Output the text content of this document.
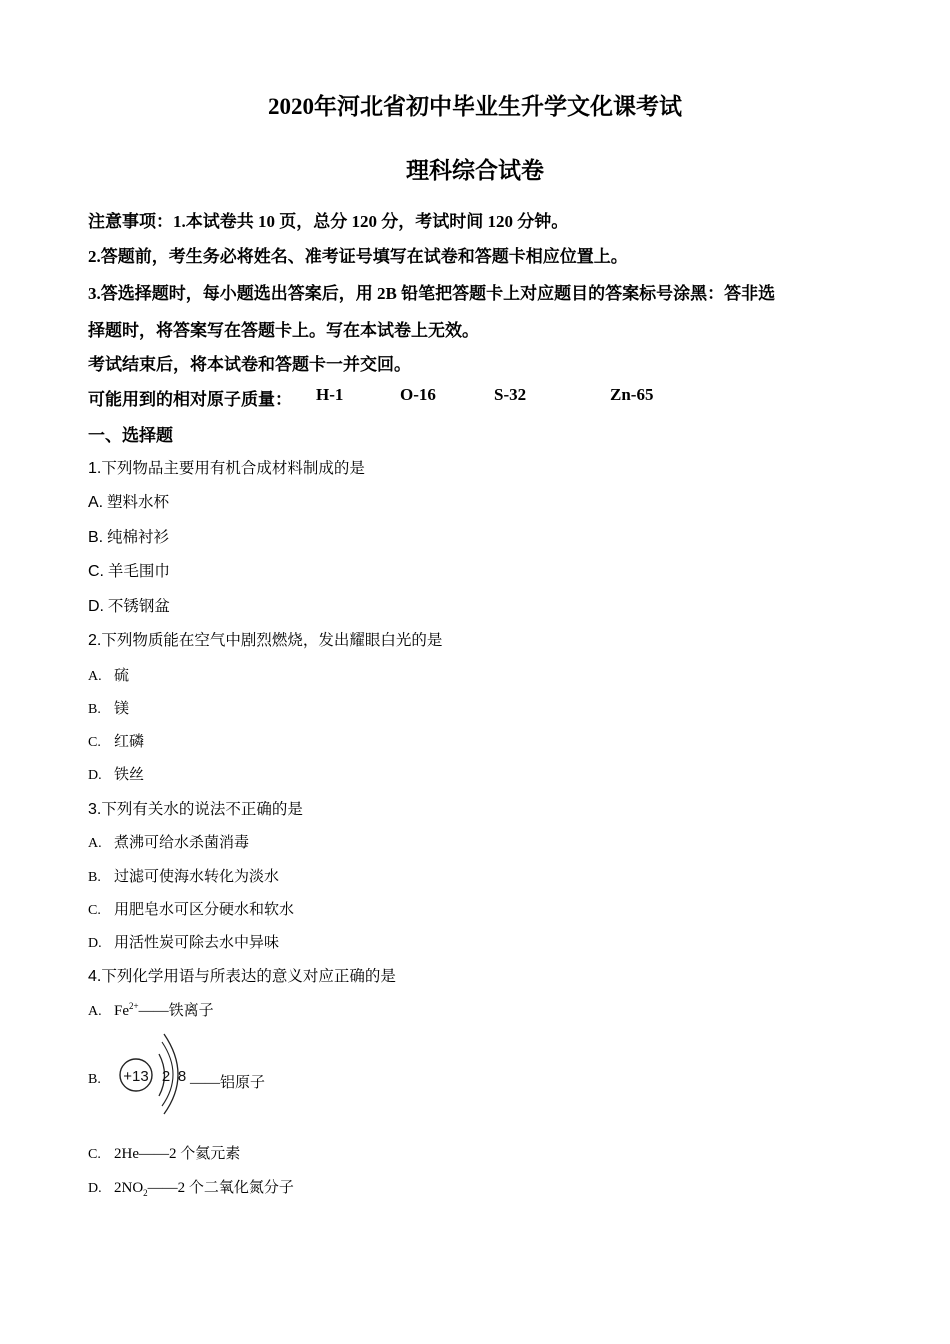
2020年河北省初中毕业生升学文化课考试
理科综合试卷
注意事项：1.本试卷共 10 页，总分 120 分，考试时间 120 分钟。
2.答题前，考生务必将姓名、准考证号填写在试卷和答题卡相应位置上。
3.答选择题时，每小题选出答案后，用 2B 铅笔把答题卡上对应题目的答案标号涂黑：答非选
择题时，将答案写在答题卡上。写在本试卷上无效。
考试结束后，将本试卷和答题卡一并交回。
可能用到的相对原子质量： H-1	O-16	S-32	Zn-65
一、选择题
1.下列物品主要用有机合成材料制成的是
A. 塑料水杯
B. 纯棉衬衫
C. 羊毛围巾
D. 不锈钢盆
2.下列物质能在空气中剧烈燃烧，发出耀眼白光的是
A. 硫
B. 镁
C. 红磷
D. 铁丝
3.下列有关水的说法不正确的是
A. 煮沸可给水杀菌消毒
B. 过滤可使海水转化为淡水
C. 用肥皂水可区分硬水和软水
D. 用活性炭可除去水中异味
4.下列化学用语与所表达的意义对应正确的是
A. $Fe^{2+}——$铁离子
B.	+13 2 8 ——铝原子
C. 2He——2 个氦元素
D. $2NO_2——2$ 个二氧化氮分子
